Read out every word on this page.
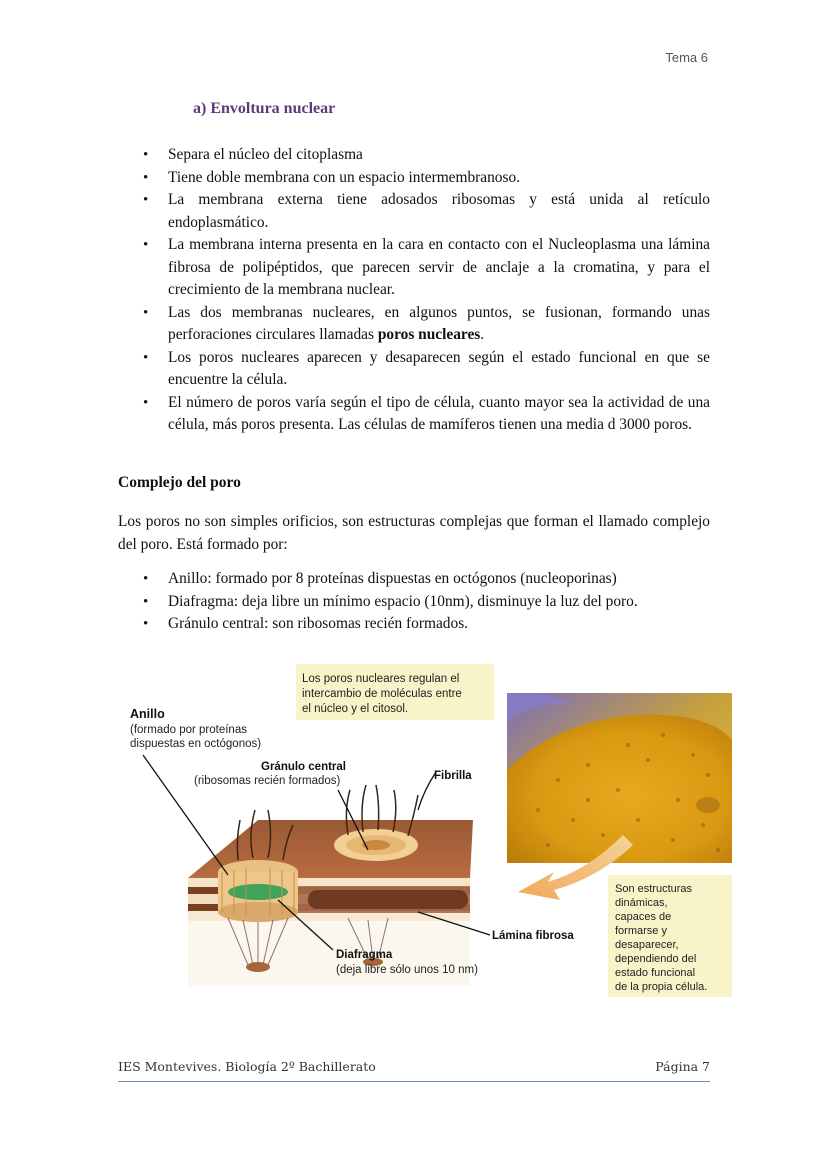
Tema 6
a) Envoltura nuclear
• Separa el núcleo del citoplasma
• Tiene doble membrana con un espacio intermembranoso.
• La membrana externa tiene adosados ribosomas y está unida al retículo endoplasmático.
• La membrana interna presenta en la cara en contacto con el Nucleoplasma una lámina fibrosa de polipéptidos, que parecen servir de anclaje a la cromatina, y para el crecimiento de la membrana nuclear.
• Las dos membranas nucleares, en algunos puntos, se fusionan, formando unas perforaciones circulares llamadas poros nucleares.
• Los poros nucleares aparecen y desaparecen según el estado funcional en que se encuentre la célula.
• El número de poros varía según el tipo de célula, cuanto mayor sea la actividad de una célula, más poros presenta. Las células de mamíferos tienen una media d 3000 poros.
Complejo del poro

Los poros no son simples orificios, son estructuras complejas que forman el llamado complejo del poro. Está formado por:

• Anillo: formado por 8 proteínas dispuestas en octógonos (nucleoporinas)
• Diafragma: deja libre un mínimo espacio (10nm), disminuye la luz del poro.
• Gránulo central: son ribosomas recién formados.
Los poros nucleares regulan el intercambio de moléculas entre el núcleo y el citosol.
Son estructuras dinámicas, capaces de formarse y desaparecer, dependiendo del estado funcional de la propia célula.
Anillo
(formado por proteínas dispuestas en octógonos)
Gránulo central
(ribosomas recién formados)	Fibrilla
Lámina fibrosa
Diafragma
(deja libre sólo unos 10 nm)
IES Montevives. Biología 2º Bachillerato	Página 7
